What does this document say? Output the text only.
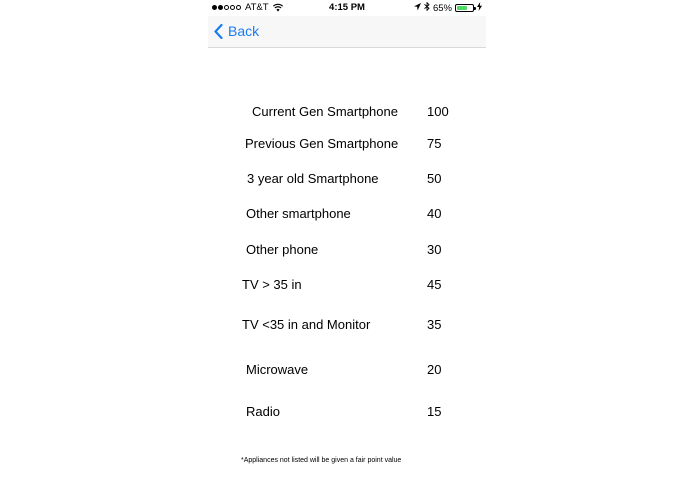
AT&T	4:15 PM	65%
Back
Current Gen Smartphone 100
Previous Gen Smartphone 75
3 year old Smartphone	50
Other smartphone	40
Other phone	30
TV > 35 in	45
TV <35 in and Monitor	35
Microwave	20
Radio	15
*Appliances not listed will be given a fair point value
